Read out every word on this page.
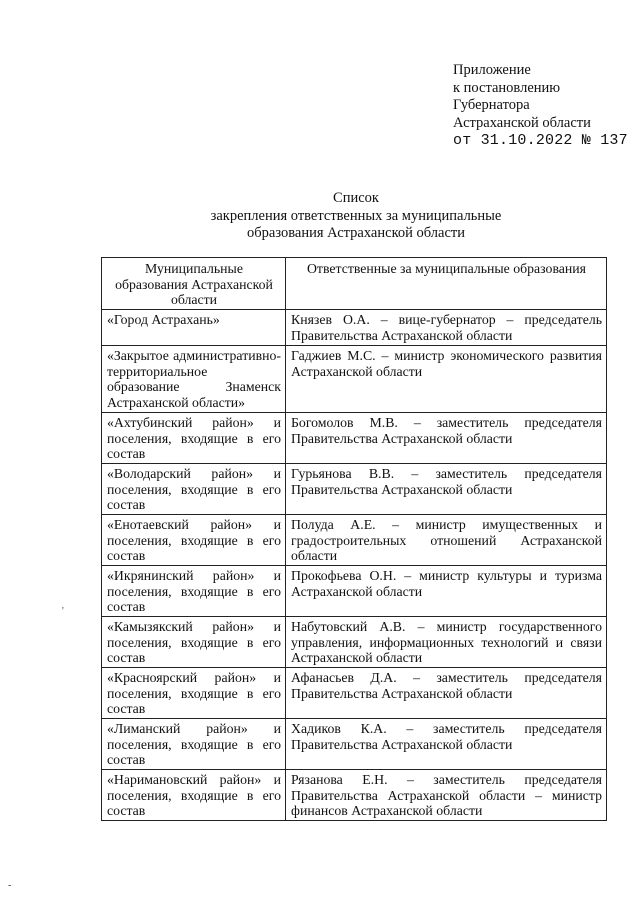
Приложение
к постановлению
Губернатора
Астраханской области
от 31.10.2022 № 137
Список
закрепления ответственных за муниципальные
образования Астраханской области
Муниципальные образования Астраханской области	Ответственные за муниципальные образования
«Город Астрахань»	Князев О.А. – вице-губернатор – председатель Правительства Астраханской области
«Закрытое административно-территориальное образование Знаменск Астраханской области»	Гаджиев М.С. – министр экономического развития Астраханской области
«Ахтубинский район» и поселения, входящие в его состав	Богомолов М.В. – заместитель председателя Правительства Астраханской области
«Володарский район» и поселения, входящие в его состав	Гурьянова В.В. – заместитель председателя Правительства Астраханской области
«Енотаевский район» и поселения, входящие в его состав	Полуда А.Е. – министр имущественных и градостроительных отношений Астраханской области
«Икрянинский район» и поселения, входящие в его состав	Прокофьева О.Н. – министр культуры и туризма Астраханской области
«Камызякский район» и поселения, входящие в его состав	Набутовский А.В. – министр государственного управления, информационных технологий и связи Астраханской области
«Красноярский район» и поселения, входящие в его состав	Афанасьев Д.А. – заместитель председателя Правительства Астраханской области
«Лиманский район» и поселения, входящие в его состав	Хадиков К.А. – заместитель председателя Правительства Астраханской области
«Наримановский район» и поселения, входящие в его состав	Рязанова Е.Н. – заместитель председателя Правительства Астраханской области – министр финансов Астраханской области
'
-
